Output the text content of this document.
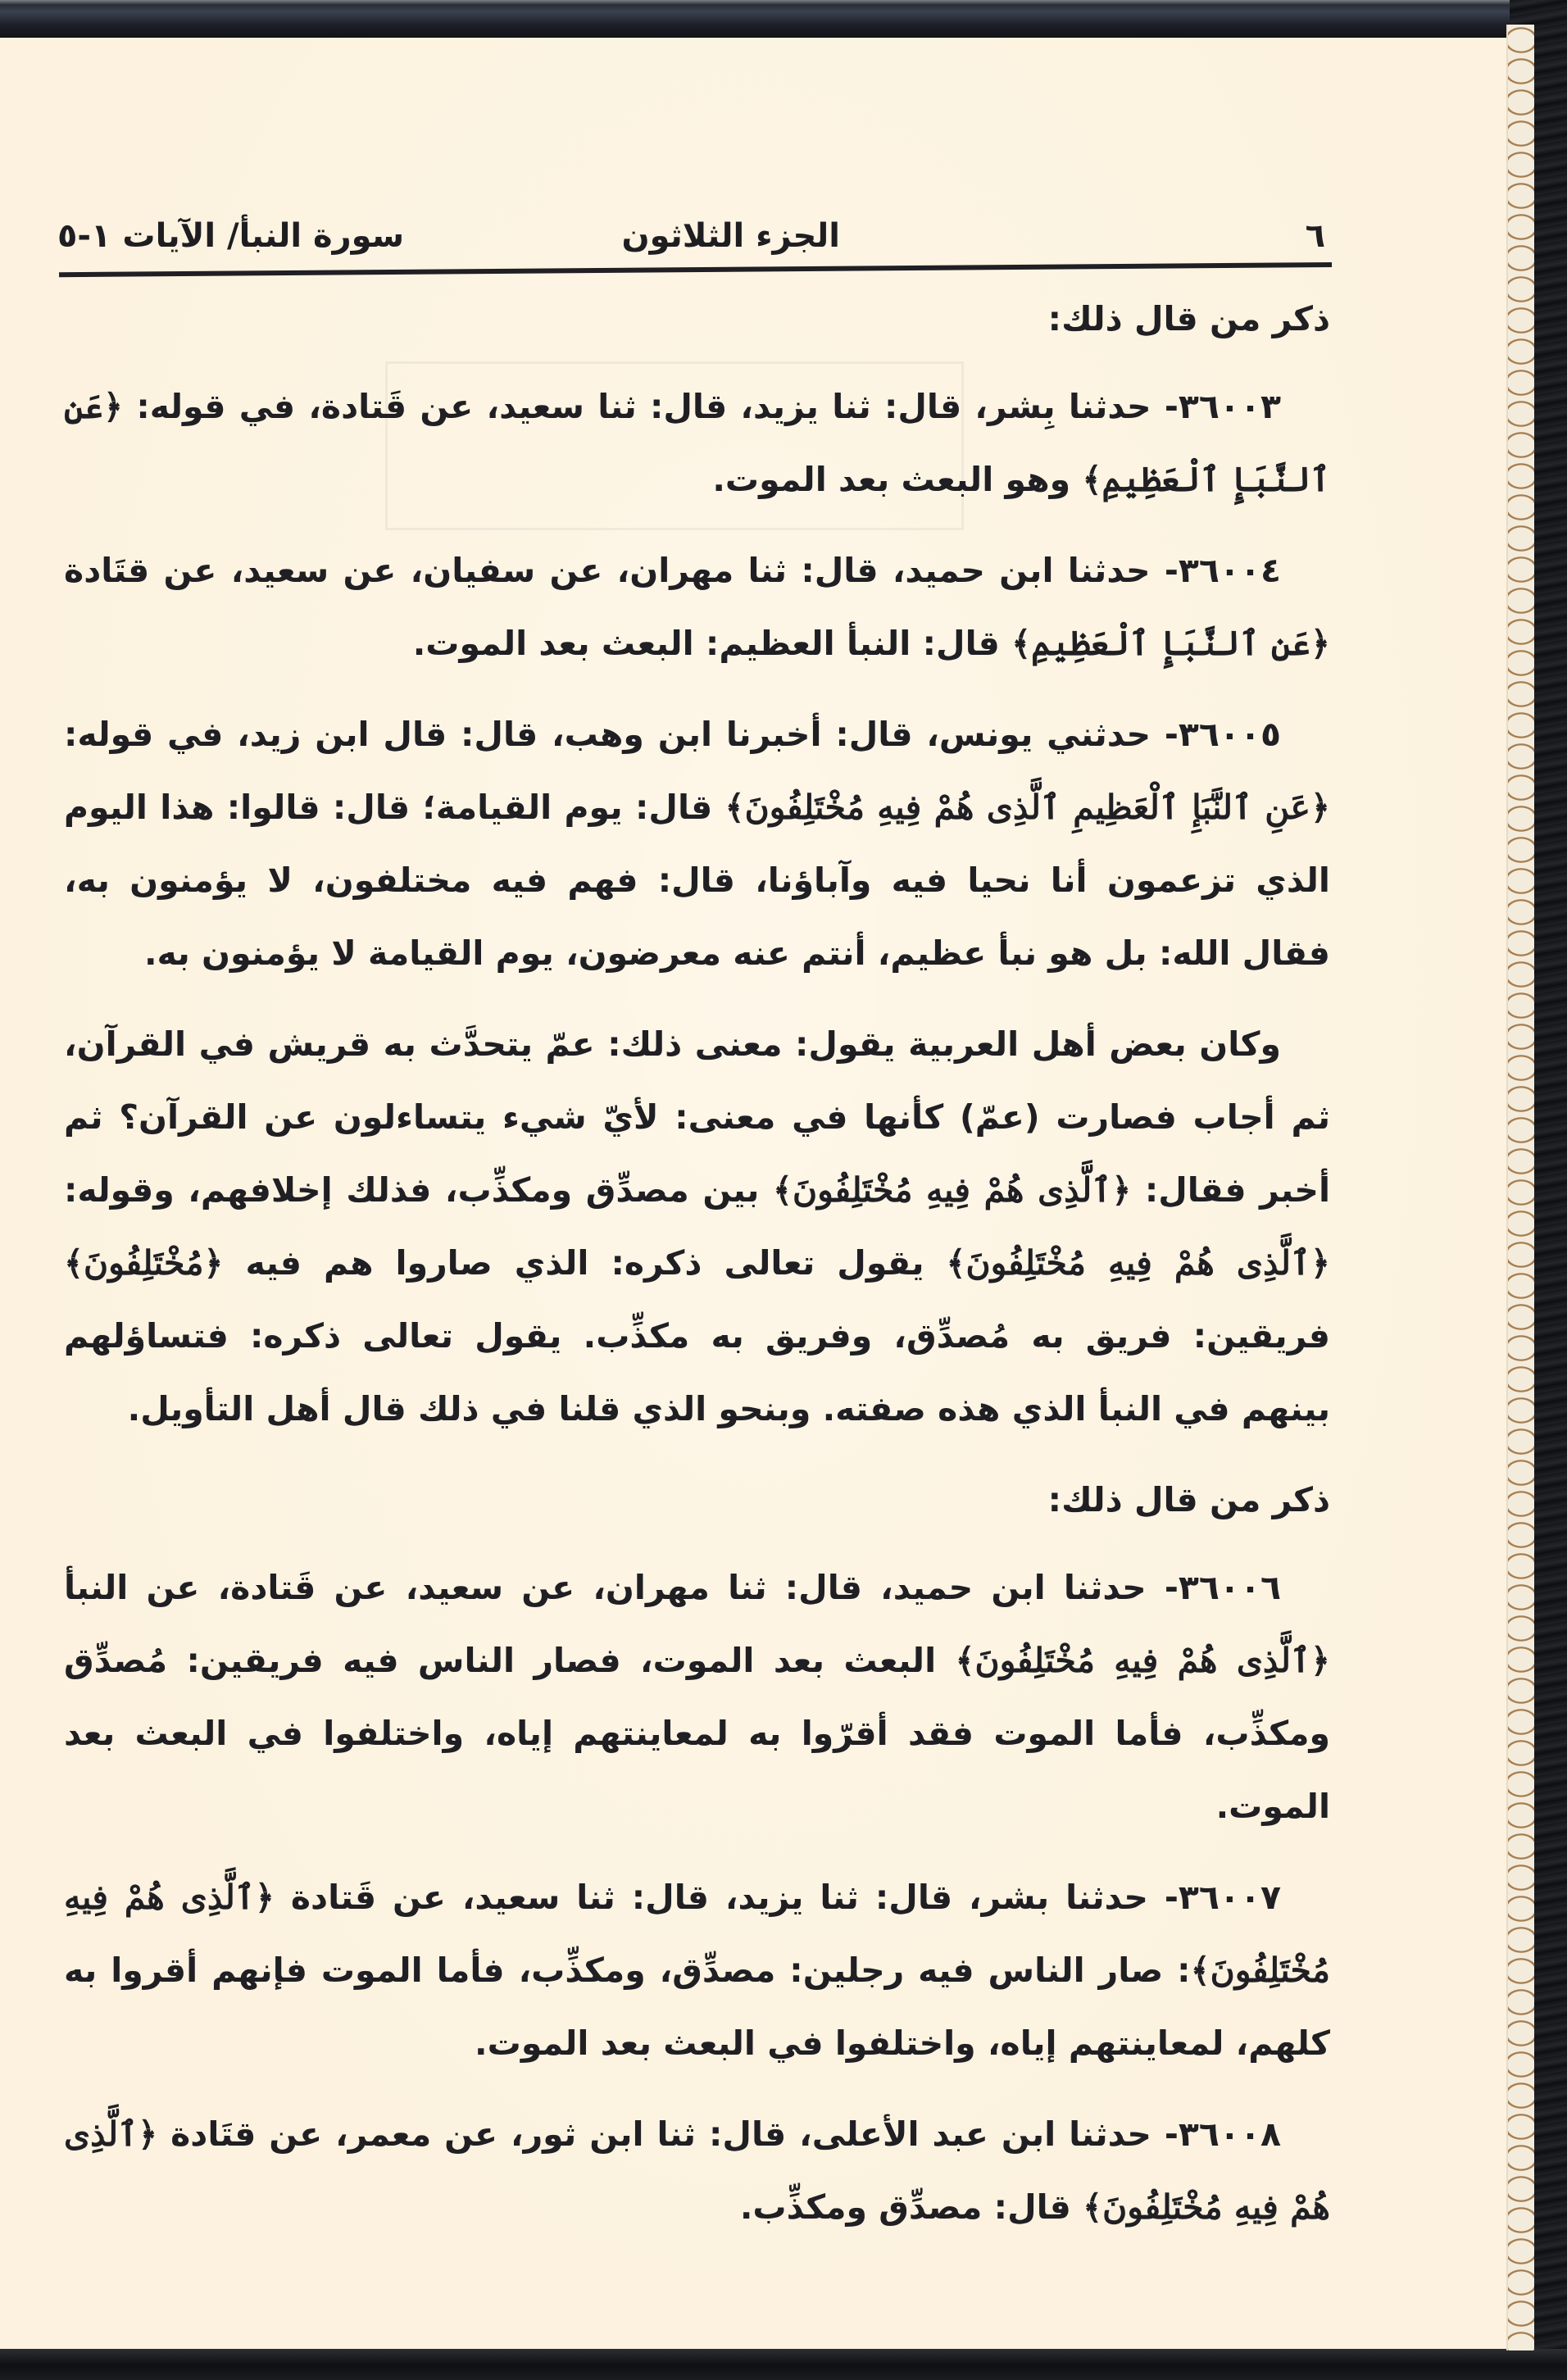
٦
الجزء الثلاثون
سورة النبأ/ الآيات ١-٥

ذكر من قال ذلك:

٣٦٠٠٣- حدثنا بِشر، قال: ثنا يزيد، قال: ثنا سعيد، عن قَتادة، في قوله: ﴿عَنِ ٱلنَّبَإِ ٱلْعَظِيمِ﴾ وهو البعث بعد الموت.

٣٦٠٠٤- حدثنا ابن حميد، قال: ثنا مهران، عن سفيان، عن سعيد، عن قتَادة ﴿عَنِ ٱلنَّبَإِ ٱلْعَظِيمِ﴾ قال: النبأ العظيم: البعث بعد الموت.

٣٦٠٠٥- حدثني يونس، قال: أخبرنا ابن وهب، قال: قال ابن زيد، في قوله: ﴿عَنِ ٱلنَّبَإِ ٱلْعَظِيمِ ٱلَّذِى هُمْ فِيهِ مُخْتَلِفُونَ﴾ قال: يوم القيامة؛ قال: قالوا: هذا اليوم الذي تزعمون أنا نحيا فيه وآباؤنا، قال: فهم فيه مختلفون، لا يؤمنون به، فقال الله: بل هو نبأ عظيم، أنتم عنه معرضون، يوم القيامة لا يؤمنون به.

وكان بعض أهل العربية يقول: معنى ذلك: عمّ يتحدَّث به قريش في القرآن، ثم أجاب فصارت (عمّ) كأنها في معنى: لأيّ شيء يتساءلون عن القرآن؟ ثم أخبر فقال: ﴿ٱلَّذِى هُمْ فِيهِ مُخْتَلِفُونَ﴾ بين مصدِّق ومكذِّب، فذلك إخلافهم، وقوله: ﴿ٱلَّذِى هُمْ فِيهِ مُخْتَلِفُونَ﴾ يقول تعالى ذكره: الذي صاروا هم فيه ﴿مُخْتَلِفُونَ﴾ فريقين: فريق به مُصدِّق، وفريق به مكذِّب. يقول تعالى ذكره: فتساؤلهم بينهم في النبأ الذي هذه صفته. وبنحو الذي قلنا في ذلك قال أهل التأويل.

ذكر من قال ذلك:

٣٦٠٠٦- حدثنا ابن حميد، قال: ثنا مهران، عن سعيد، عن قَتادة، عن النبأ ﴿ٱلَّذِى هُمْ فِيهِ مُخْتَلِفُونَ﴾ البعث بعد الموت، فصار الناس فيه فريقين: مُصدِّق ومكذِّب، فأما الموت فقد أقرّوا به لمعاينتهم إياه، واختلفوا في البعث بعد الموت.

٣٦٠٠٧- حدثنا بشر، قال: ثنا يزيد، قال: ثنا سعيد، عن قَتادة ﴿ٱلَّذِى هُمْ فِيهِ مُخْتَلِفُونَ﴾: صار الناس فيه رجلين: مصدِّق، ومكذِّب، فأما الموت فإنهم أقروا به كلهم، لمعاينتهم إياه، واختلفوا في البعث بعد الموت.

٣٦٠٠٨- حدثنا ابن عبد الأعلى، قال: ثنا ابن ثور، عن معمر، عن قتَادة ﴿ٱلَّذِى هُمْ فِيهِ مُخْتَلِفُونَ﴾ قال: مصدِّق ومكذِّب.
